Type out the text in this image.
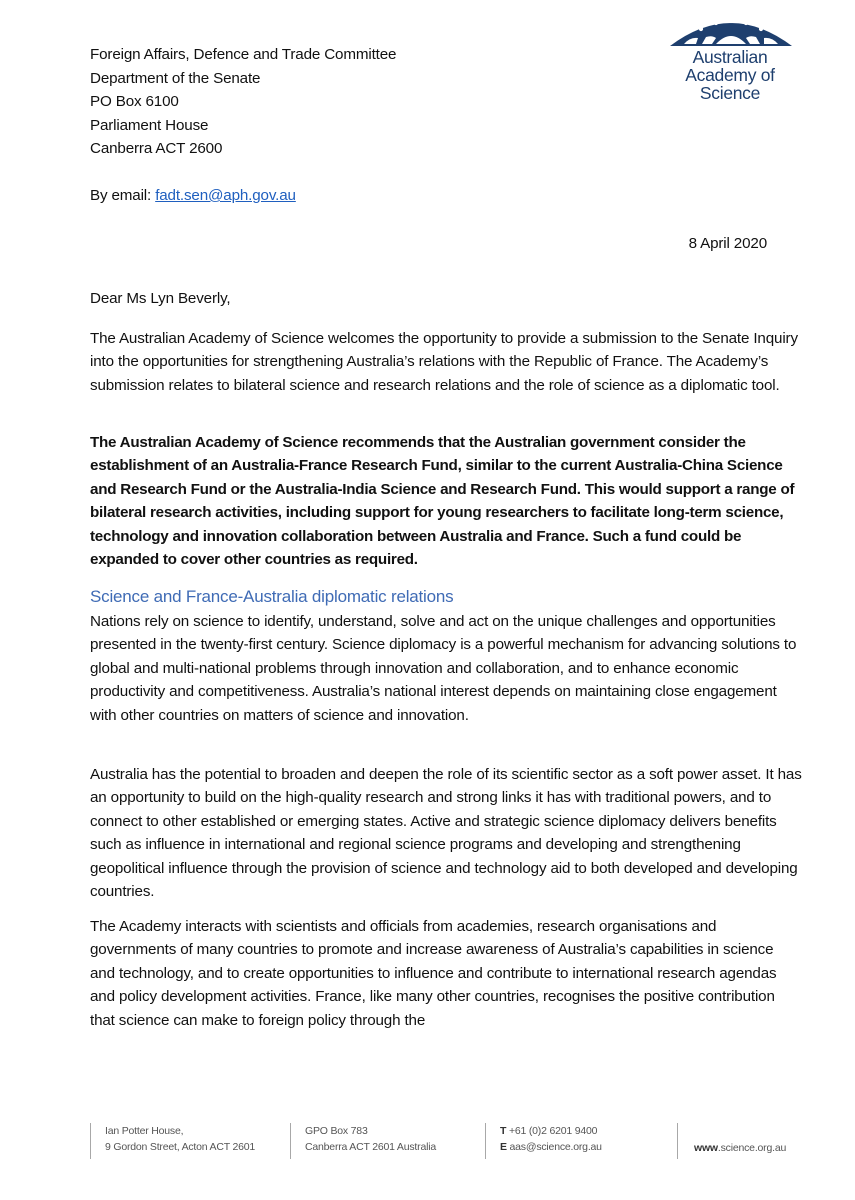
Australian
Academy of
Science
Foreign Affairs, Defence and Trade Committee
Department of the Senate
PO Box 6100
Parliament House
Canberra ACT 2600
By email: fadt.sen@aph.gov.au
8 April 2020
Dear Ms Lyn Beverly,

The Australian Academy of Science welcomes the opportunity to provide a submission to the Senate Inquiry into the opportunities for strengthening Australia’s relations with the Republic of France. The Academy’s submission relates to bilateral science and research relations and the role of science as a diplomatic tool.

The Australian Academy of Science recommends that the Australian government consider the establishment of an Australia-France Research Fund, similar to the current Australia-China Science and Research Fund or the Australia-India Science and Research Fund. This would support a range of bilateral research activities, including support for young researchers to facilitate long-term science, technology and innovation collaboration between Australia and France. Such a fund could be expanded to cover other countries as required.

Science and France-Australia diplomatic relations

Nations rely on science to identify, understand, solve and act on the unique challenges and opportunities presented in the twenty-first century. Science diplomacy is a powerful mechanism for advancing solutions to global and multi-national problems through innovation and collaboration, and to enhance economic productivity and competitiveness. Australia’s national interest depends on maintaining close engagement with other countries on matters of science and innovation.

Australia has the potential to broaden and deepen the role of its scientific sector as a soft power asset. It has an opportunity to build on the high-quality research and strong links it has with traditional powers, and to connect to other established or emerging states. Active and strategic science diplomacy delivers benefits such as influence in international and regional science programs and developing and strengthening geopolitical influence through the provision of science and technology aid to both developed and developing countries.

The Academy interacts with scientists and officials from academies, research organisations and governments of many countries to promote and increase awareness of Australia’s capabilities in science and technology, and to create opportunities to influence and contribute to international research agendas and policy development activities. France, like many other countries, recognises the positive contribution that science can make to foreign policy through the

Ian Potter House,
9 Gordon Street, Acton ACT 2601
GPO Box 783
Canberra ACT 2601 Australia
T +61 (0)2 6201 9400
E aas@science.org.au	www.science.org.au
